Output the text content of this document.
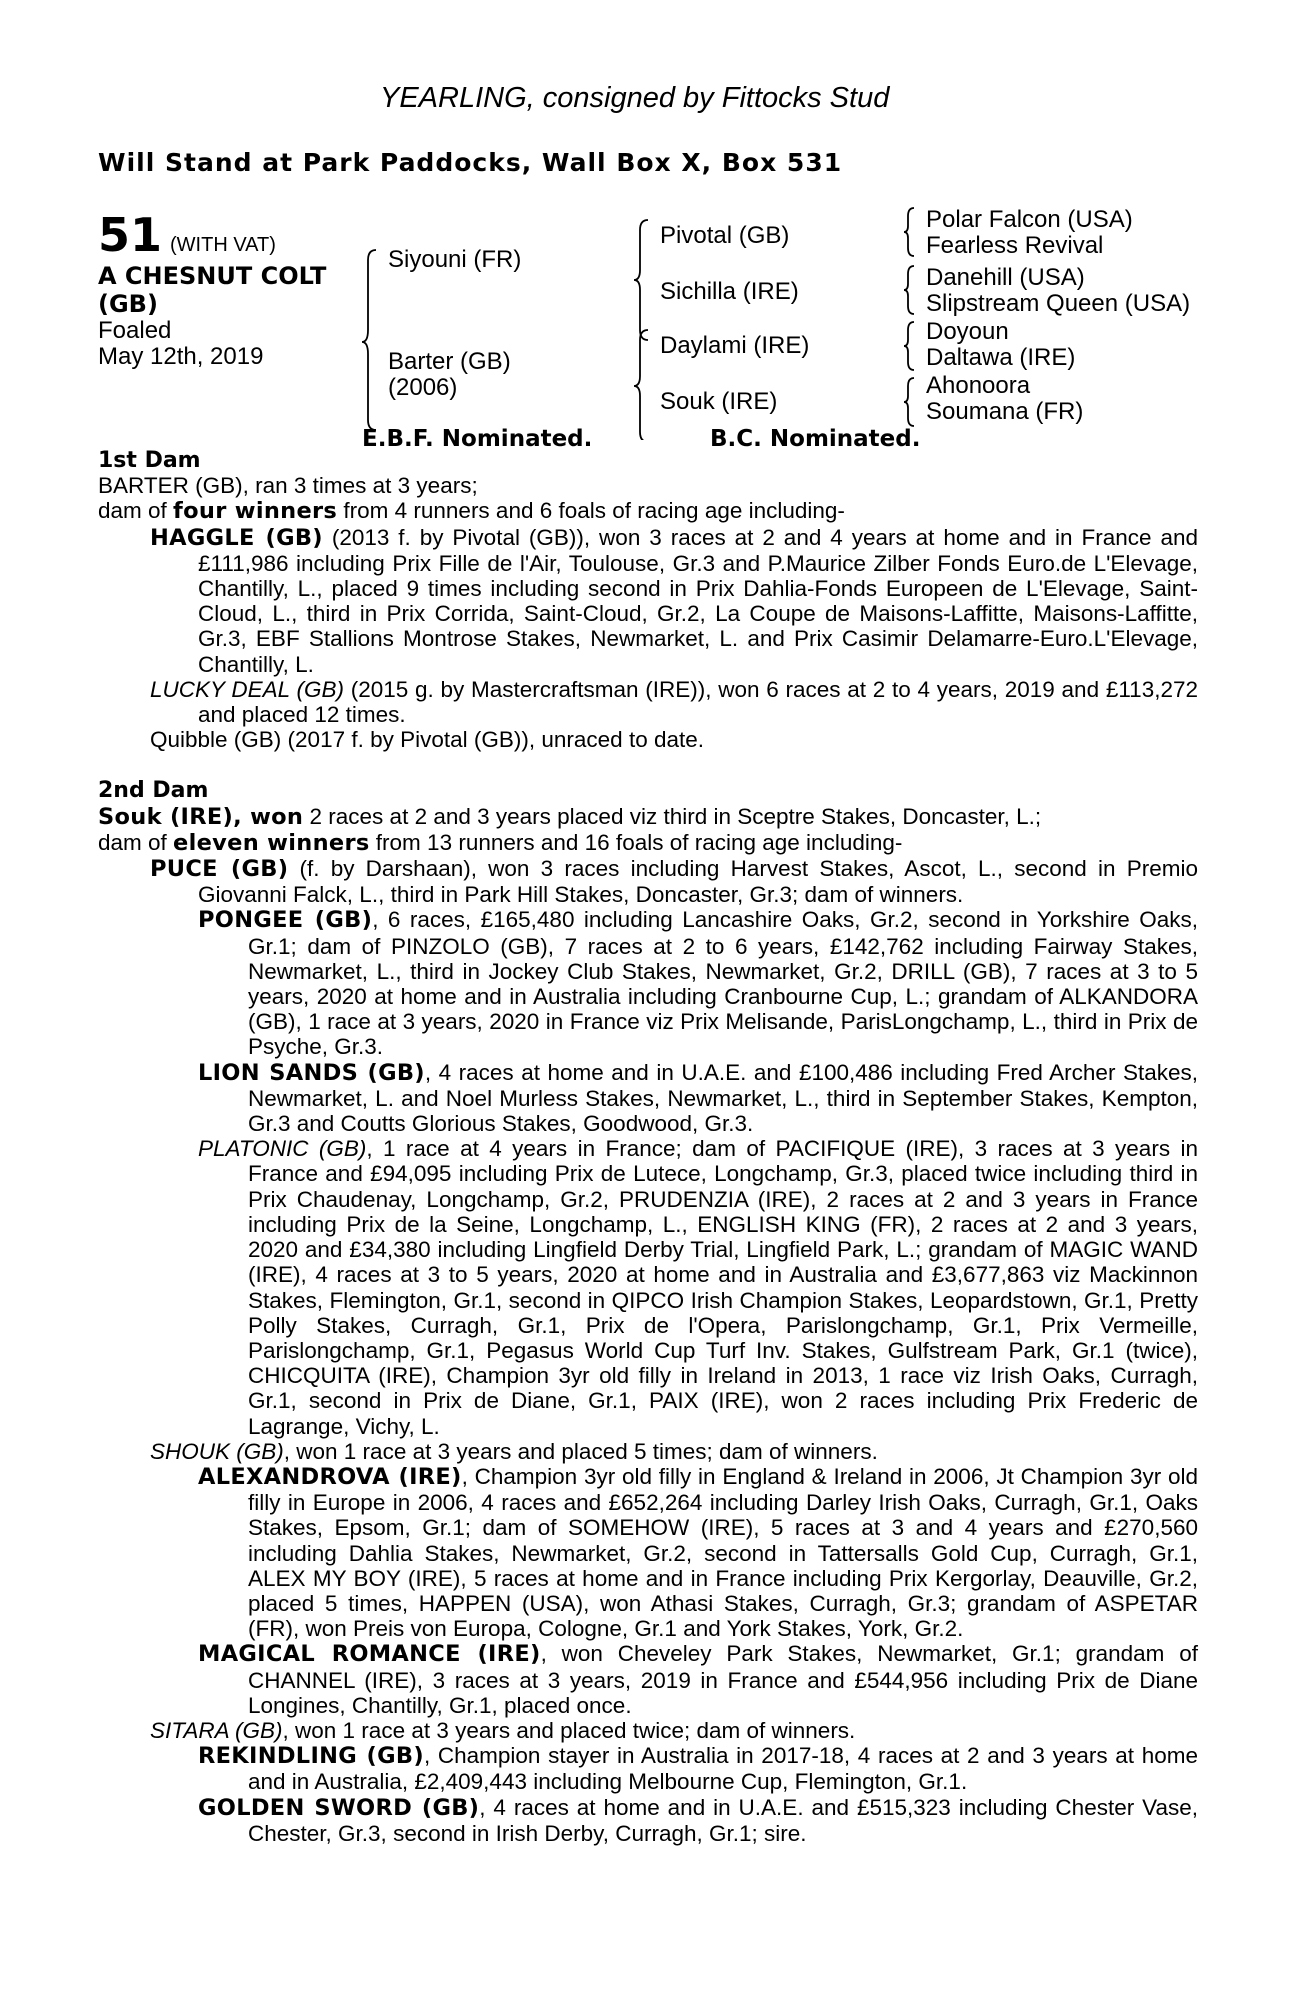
YEARLING, consigned by Fittocks Stud
Will Stand at Park Paddocks, Wall Box X, Box 531
51 (WITH VAT)
A CHESNUT COLT (GB)
Foaled
May 12th, 2019
Siyouni (FR)
Barter (GB)
(2006)
Pivotal (GB)
Sichilla (IRE)
Daylami (IRE)
Souk (IRE)
Polar Falcon (USA)
Fearless Revival
Danehill (USA)
Slipstream Queen (USA)
Doyoun
Daltawa (IRE)
Ahonoora
Soumana (FR)
E.B.F. Nominated.	B.C. Nominated.
1st Dam

BARTER (GB), ran 3 times at 3 years;

dam of four winners from 4 runners and 6 foals of racing age including-

HAGGLE (GB) (2013 f. by Pivotal (GB)), won 3 races at 2 and 4 years at home and in France and £111,986 including Prix Fille de l'Air, Toulouse, Gr.3 and P.Maurice Zilber Fonds Euro.de L'Elevage, Chantilly, L., placed 9 times including second in Prix Dahlia-Fonds Europeen de L'Elevage, Saint-Cloud, L., third in Prix Corrida, Saint-Cloud, Gr.2, La Coupe de Maisons-Laffitte, Maisons-Laffitte, Gr.3, EBF Stallions Montrose Stakes, Newmarket, L. and Prix Casimir Delamarre-Euro.L'Elevage, Chantilly, L.

LUCKY DEAL (GB) (2015 g. by Mastercraftsman (IRE)), won 6 races at 2 to 4 years, 2019 and £113,272 and placed 12 times.

Quibble (GB) (2017 f. by Pivotal (GB)), unraced to date.

2nd Dam

Souk (IRE), won 2 races at 2 and 3 years placed viz third in Sceptre Stakes, Doncaster, L.;

dam of eleven winners from 13 runners and 16 foals of racing age including-

PUCE (GB) (f. by Darshaan), won 3 races including Harvest Stakes, Ascot, L., second in Premio Giovanni Falck, L., third in Park Hill Stakes, Doncaster, Gr.3; dam of winners.

PONGEE (GB), 6 races, £165,480 including Lancashire Oaks, Gr.2, second in Yorkshire Oaks, Gr.1; dam of PINZOLO (GB), 7 races at 2 to 6 years, £142,762 including Fairway Stakes, Newmarket, L., third in Jockey Club Stakes, Newmarket, Gr.2, DRILL (GB), 7 races at 3 to 5 years, 2020 at home and in Australia including Cranbourne Cup, L.; grandam of ALKANDORA (GB), 1 race at 3 years, 2020 in France viz Prix Melisande, ParisLongchamp, L., third in Prix de Psyche, Gr.3.

LION SANDS (GB), 4 races at home and in U.A.E. and £100,486 including Fred Archer Stakes, Newmarket, L. and Noel Murless Stakes, Newmarket, L., third in September Stakes, Kempton, Gr.3 and Coutts Glorious Stakes, Goodwood, Gr.3.

PLATONIC (GB), 1 race at 4 years in France; dam of PACIFIQUE (IRE), 3 races at 3 years in France and £94,095 including Prix de Lutece, Longchamp, Gr.3, placed twice including third in Prix Chaudenay, Longchamp, Gr.2, PRUDENZIA (IRE), 2 races at 2 and 3 years in France including Prix de la Seine, Longchamp, L., ENGLISH KING (FR), 2 races at 2 and 3 years, 2020 and £34,380 including Lingfield Derby Trial, Lingfield Park, L.; grandam of MAGIC WAND (IRE), 4 races at 3 to 5 years, 2020 at home and in Australia and £3,677,863 viz Mackinnon Stakes, Flemington, Gr.1, second in QIPCO Irish Champion Stakes, Leopardstown, Gr.1, Pretty Polly Stakes, Curragh, Gr.1, Prix de l'Opera, Parislongchamp, Gr.1, Prix Vermeille, Parislongchamp, Gr.1, Pegasus World Cup Turf Inv. Stakes, Gulfstream Park, Gr.1 (twice), CHICQUITA (IRE), Champion 3yr old filly in Ireland in 2013, 1 race viz Irish Oaks, Curragh, Gr.1, second in Prix de Diane, Gr.1, PAIX (IRE), won 2 races including Prix Frederic de Lagrange, Vichy, L.

SHOUK (GB), won 1 race at 3 years and placed 5 times; dam of winners.

ALEXANDROVA (IRE), Champion 3yr old filly in England & Ireland in 2006, Jt Champion 3yr old filly in Europe in 2006, 4 races and £652,264 including Darley Irish Oaks, Curragh, Gr.1, Oaks Stakes, Epsom, Gr.1; dam of SOMEHOW (IRE), 5 races at 3 and 4 years and £270,560 including Dahlia Stakes, Newmarket, Gr.2, second in Tattersalls Gold Cup, Curragh, Gr.1, ALEX MY BOY (IRE), 5 races at home and in France including Prix Kergorlay, Deauville, Gr.2, placed 5 times, HAPPEN (USA), won Athasi Stakes, Curragh, Gr.3; grandam of ASPETAR (FR), won Preis von Europa, Cologne, Gr.1 and York Stakes, York, Gr.2.

MAGICAL ROMANCE (IRE), won Cheveley Park Stakes, Newmarket, Gr.1; grandam of CHANNEL (IRE), 3 races at 3 years, 2019 in France and £544,956 including Prix de Diane Longines, Chantilly, Gr.1, placed once.

SITARA (GB), won 1 race at 3 years and placed twice; dam of winners.

REKINDLING (GB), Champion stayer in Australia in 2017-18, 4 races at 2 and 3 years at home and in Australia, £2,409,443 including Melbourne Cup, Flemington, Gr.1.

GOLDEN SWORD (GB), 4 races at home and in U.A.E. and £515,323 including Chester Vase, Chester, Gr.3, second in Irish Derby, Curragh, Gr.1; sire.
